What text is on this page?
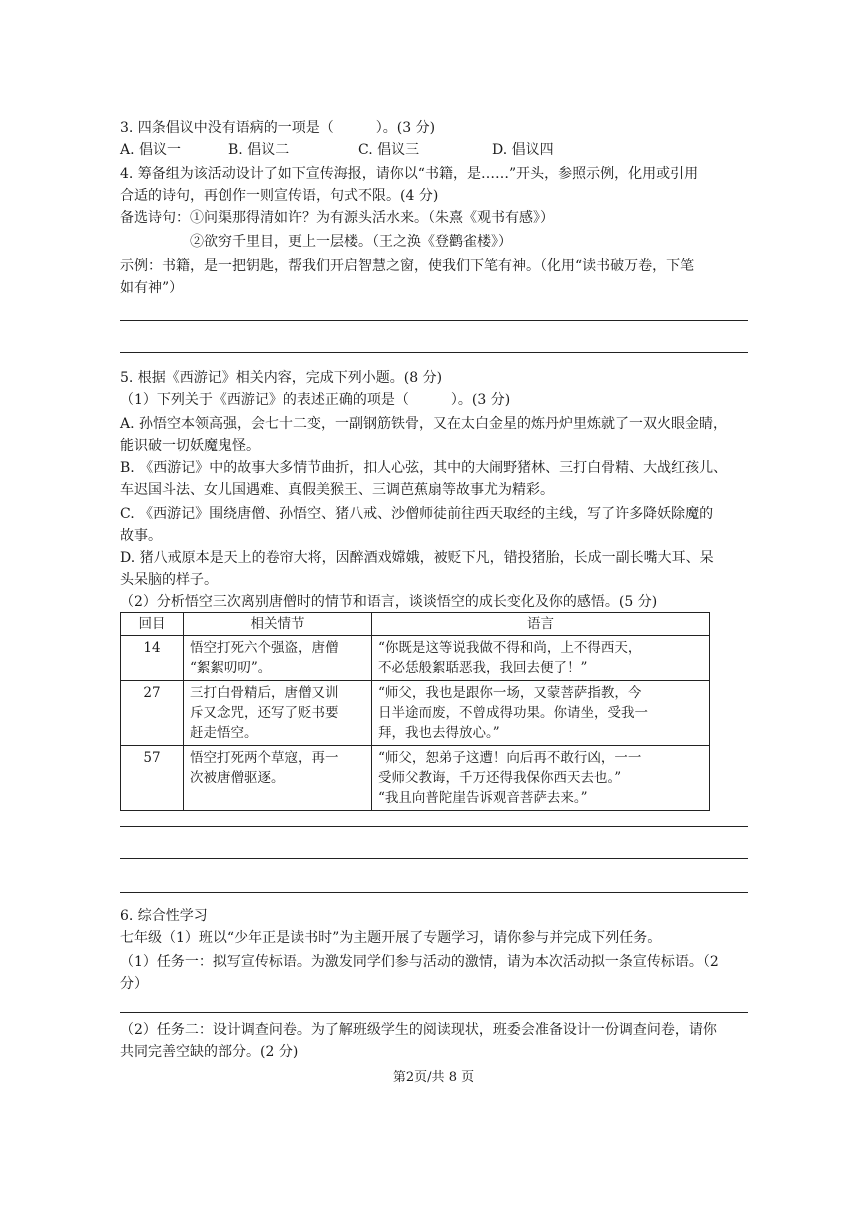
3. 四条倡议中没有语病的一项是（　　　）。(3 分)
A. 倡议一	B. 倡议二	C. 倡议三	D. 倡议四
4. 筹备组为该活动设计了如下宣传海报，请你以“书籍，是……”开头，参照示例，化用或引用
合适的诗句，再创作一则宣传语，句式不限。(4 分)
备选诗句：①问渠那得清如许？为有源头活水来。（朱熹《观书有感》）
②欲穷千里目，更上一层楼。（王之涣《登鹳雀楼》）
示例：书籍，是一把钥匙，帮我们开启智慧之窗，使我们下笔有神。（化用“读书破万卷，下笔
如有神”）
5. 根据《西游记》相关内容，完成下列小题。(8 分)
（1）下列关于《西游记》的表述正确的项是（　　　）。(3 分)
A. 孙悟空本领高强，会七十二变，一副钢筋铁骨，又在太白金星的炼丹炉里炼就了一双火眼金睛，
能识破一切妖魔鬼怪。
B. 《西游记》中的故事大多情节曲折，扣人心弦，其中的大闹野猪林、三打白骨精、大战红孩儿、
车迟国斗法、女儿国遇难、真假美猴王、三调芭蕉扇等故事尤为精彩。
C. 《西游记》围绕唐僧、孙悟空、猪八戒、沙僧师徒前往西天取经的主线，写了许多降妖除魔的
故事。
D. 猪八戒原本是天上的卷帘大将，因醉酒戏嫦娥，被贬下凡，错投猪胎，长成一副长嘴大耳、呆
头呆脑的样子。
（2）分析悟空三次离别唐僧时的情节和语言，谈谈悟空的成长变化及你的感悟。(5 分)
回目	相关情节	语言
14	悟空打死六个强盗，唐僧
“絮絮叨叨”。	“你既是这等说我做不得和尚，上不得西天，
不必恁般絮聒恶我，我回去便了！”

27	三打白骨精后，唐僧又训
斥又念咒，还写了贬书要
赶走悟空。	“师父，我也是跟你一场，又蒙菩萨指教，今
日半途而废，不曾成得功果。你请坐，受我一
拜，我也去得放心。”

57	悟空打死两个草寇，再一
次被唐僧驱逐。	“师父，恕弟子这遭！向后再不敢行凶，一一
受师父教诲，千万还得我保你西天去也。”
“我且向普陀崖告诉观音菩萨去来。”
6. 综合性学习
七年级（1）班以“少年正是读书时”为主题开展了专题学习，请你参与并完成下列任务。
（1）任务一：拟写宣传标语。为激发同学们参与活动的激情，请为本次活动拟一条宣传标语。（2
分）
（2）任务二：设计调查问卷。为了解班级学生的阅读现状，班委会准备设计一份调查问卷，请你
共同完善空缺的部分。(2 分)
第2页/共 8 页
